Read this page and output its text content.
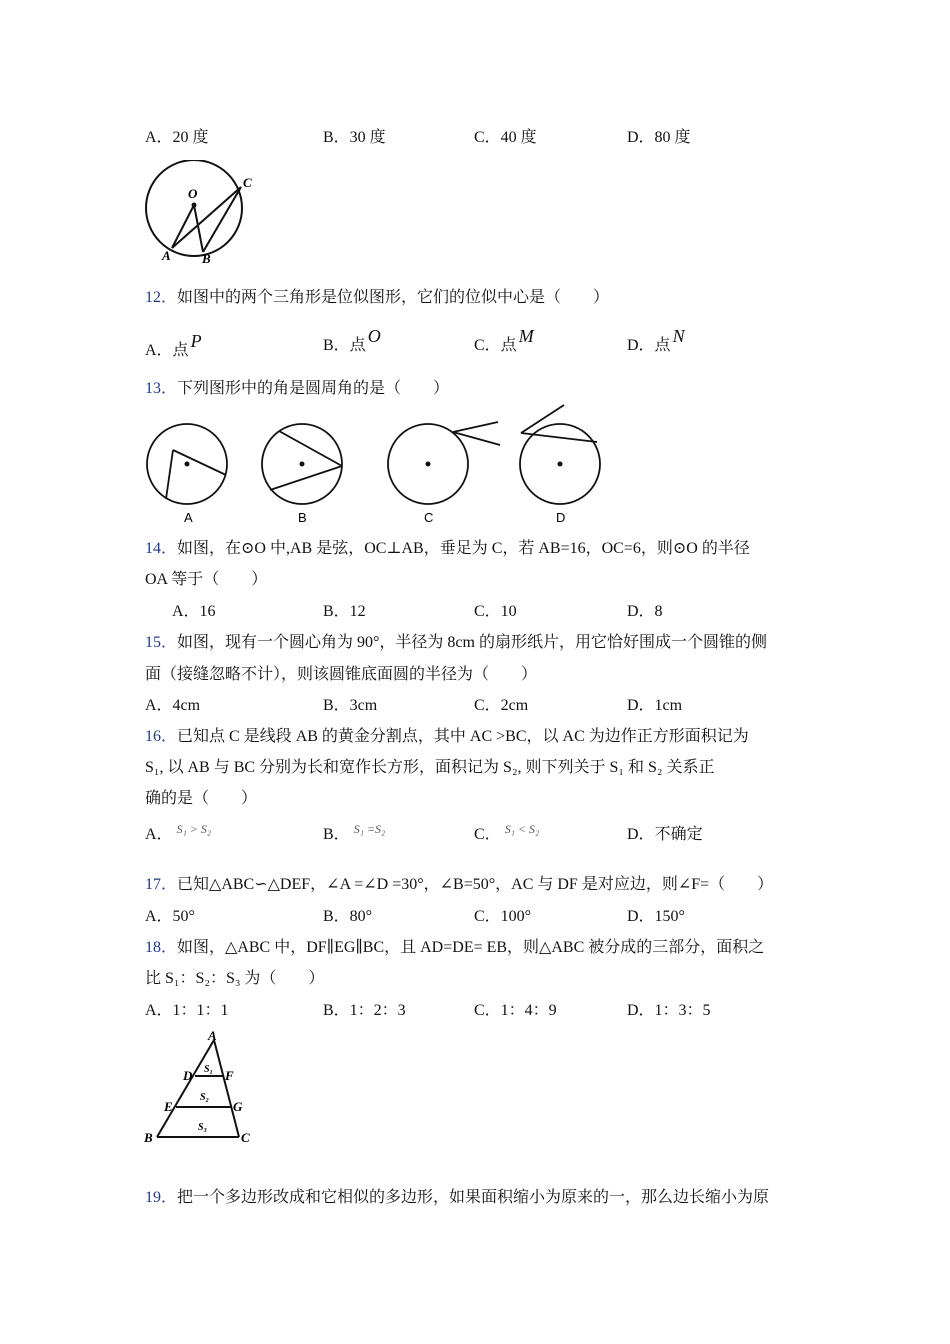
A．20 度	B．30 度	C．40 度	D．80 度
O
C
A B
12．如图中的两个三角形是位似图形，它们的位似中心是（　　）
A．点 P	B．点 O	C．点 M	D．点 N
13．下列图形中的角是圆周角的是（　　）
A	B	C	D
14．如图，在⊙O 中,AB 是弦，OC⊥AB，垂足为 C，若 AB=16，OC=6，则⊙O 的半径
OA 等于（　　）
A．16	B．12	C．10	D．8
15．如图，现有一个圆心角为 90°，半径为 8cm 的扇形纸片，用它恰好围成一个圆锥的侧
面（接缝忽略不计），则该圆锥底面圆的半径为（　　）
A．4cm	B．3cm	C．2cm	D．1cm
16．已知点 C 是线段 AB 的黄金分割点，其中 AC >BC，以 AC 为边作正方形面积记为
S₁, 以 AB 与 BC 分别为长和宽作长方形，面积记为 S₂, 则下列关于 S₁ 和 S₂ 关系正
确的是（　　）
A． $^{S_1 > S_2}$	B． $^{S_1 =S_2}$	C． $^{S_1 < S_2}$	D．不确定
17．已知△ABC∽△DEF，∠A =∠D =30°，∠B=50°，AC 与 DF 是对应边，则∠F=（　　）
A．50°	B．80°	C．100°	D．150°
18．如图，△ABC 中，DF∥EG∥BC，且 AD=DE= EB，则△ABC 被分成的三部分，面积之
比 S₁：S₂：S₃ 为（　　）
A．1：1：1	B．1：2：3	C．1：4：9	D．1：3：5
A
D	F
E	G
B	C
S₁
S₂
S₃
19．把一个多边形改成和它相似的多边形，如果面积缩小为原来的一，那么边长缩小为原
